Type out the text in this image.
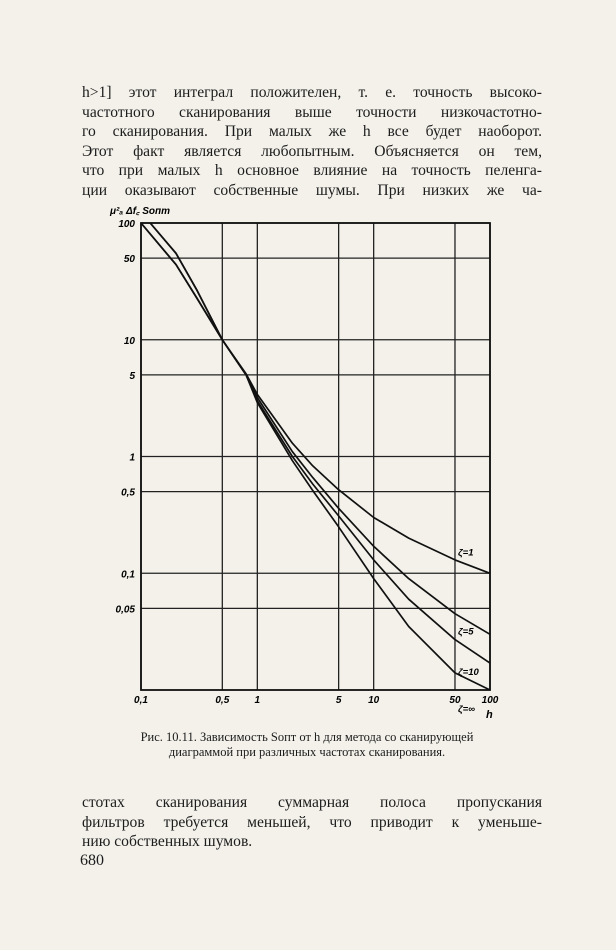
h>1] этот интеграл положителен, т. е. точность высоко-
частотного сканирования выше точности низкочастотно-
го сканирования. При малых же h все будет наоборот.
Этот факт является любопытным. Объясняется он тем,
что при малых h основное влияние на точность пеленга-
ции оказывают собственные шумы. При низких же ча-
μ²ₐ Δf꜀ Sопт
0,1	0,5	1	5	10	50 100
100
50
10
5
1
0,5
0,1
0,05
ζ=1
ζ=5
ζ=10
ζ=∞ h
Рис. 10.11. Зависимость Sопт от h для метода со сканирующей диаграммой при различных частотах сканирования.
стотах сканирования суммарная полоса пропускания
фильтров требуется меньшей, что приводит к уменьше-
нию собственных шумов.
680
